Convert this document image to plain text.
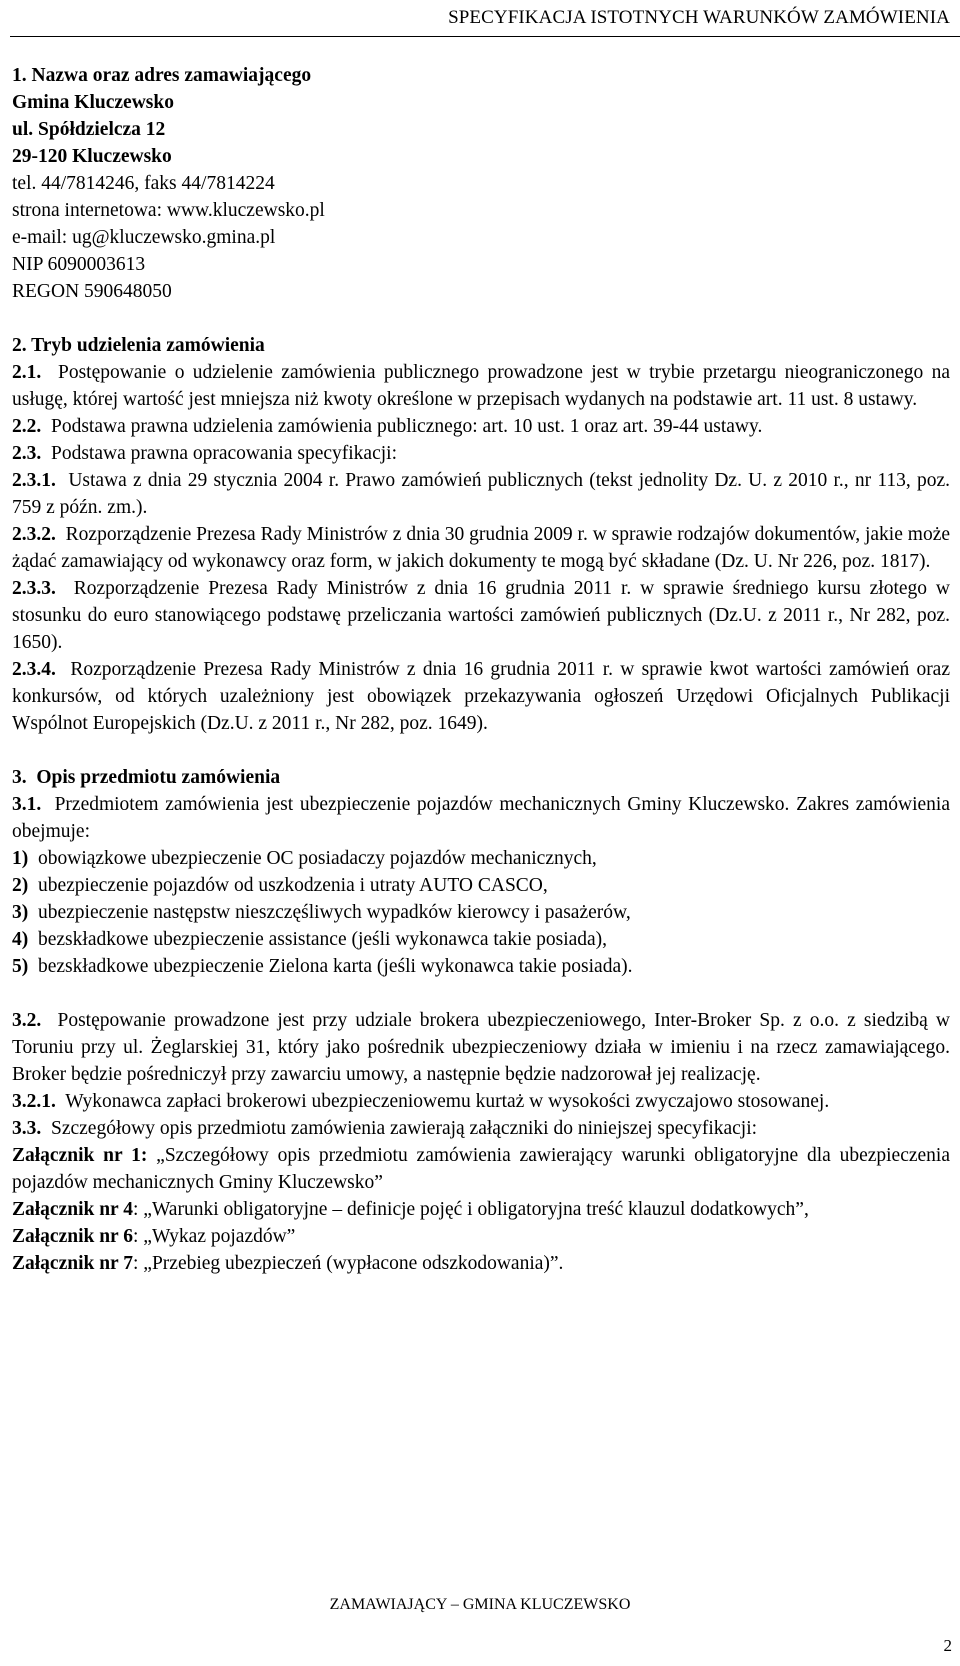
SPECYFIKACJA ISTOTNYCH WARUNKÓW ZAMÓWIENIA

1. Nazwa oraz adres zamawiającego

Gmina Kluczewsko

ul. Spółdzielcza 12

29-120 Kluczewsko

tel. 44/7814246, faks 44/7814224

strona internetowa: www.kluczewsko.pl

e-mail: ug@kluczewsko.gmina.pl

NIP 6090003613

REGON 590648050

2. Tryb udzielenia zamówienia

2.1. Postępowanie o udzielenie zamówienia publicznego prowadzone jest w trybie przetargu nieograniczonego na usługę, której wartość jest mniejsza niż kwoty określone w przepisach wydanych na podstawie art. 11 ust. 8 ustawy.

2.2. Podstawa prawna udzielenia zamówienia publicznego: art. 10 ust. 1 oraz art. 39-44 ustawy.

2.3. Podstawa prawna opracowania specyfikacji:

2.3.1. Ustawa z dnia 29 stycznia 2004 r. Prawo zamówień publicznych (tekst jednolity Dz. U. z 2010 r., nr 113, poz. 759 z późn. zm.).

2.3.2. Rozporządzenie Prezesa Rady Ministrów z dnia 30 grudnia 2009 r. w sprawie rodzajów dokumentów, jakie może żądać zamawiający od wykonawcy oraz form, w jakich dokumenty te mogą być składane (Dz. U. Nr 226, poz. 1817).

2.3.3. Rozporządzenie Prezesa Rady Ministrów z dnia 16 grudnia 2011 r. w sprawie średniego kursu złotego w stosunku do euro stanowiącego podstawę przeliczania wartości zamówień publicznych (Dz.U. z 2011 r., Nr 282, poz. 1650).

2.3.4. Rozporządzenie Prezesa Rady Ministrów z dnia 16 grudnia 2011 r. w sprawie kwot wartości zamówień oraz konkursów, od których uzależniony jest obowiązek przekazywania ogłoszeń Urzędowi Oficjalnych Publikacji Wspólnot Europejskich (Dz.U. z 2011 r., Nr 282, poz. 1649).

3. Opis przedmiotu zamówienia

3.1. Przedmiotem zamówienia jest ubezpieczenie pojazdów mechanicznych Gminy Kluczewsko. Zakres zamówienia obejmuje:

1) obowiązkowe ubezpieczenie OC posiadaczy pojazdów mechanicznych,

2) ubezpieczenie pojazdów od uszkodzenia i utraty AUTO CASCO,

3) ubezpieczenie następstw nieszczęśliwych wypadków kierowcy i pasażerów,

4) bezskładkowe ubezpieczenie assistance (jeśli wykonawca takie posiada),

5) bezskładkowe ubezpieczenie Zielona karta (jeśli wykonawca takie posiada).

3.2. Postępowanie prowadzone jest przy udziale brokera ubezpieczeniowego, Inter-Broker Sp. z o.o. z siedzibą w Toruniu przy ul. Żeglarskiej 31, który jako pośrednik ubezpieczeniowy działa w imieniu i na rzecz zamawiającego. Broker będzie pośredniczył przy zawarciu umowy, a następnie będzie nadzorował jej realizację.

3.2.1. Wykonawca zapłaci brokerowi ubezpieczeniowemu kurtaż w wysokości zwyczajowo stosowanej.

3.3. Szczegółowy opis przedmiotu zamówienia zawierają załączniki do niniejszej specyfikacji:

Załącznik nr 1: „Szczegółowy opis przedmiotu zamówienia zawierający warunki obligatoryjne dla ubezpieczenia pojazdów mechanicznych Gminy Kluczewsko”

Załącznik nr 4: „Warunki obligatoryjne – definicje pojęć i obligatoryjna treść klauzul dodatkowych”,

Załącznik nr 6: „Wykaz pojazdów”

Załącznik nr 7: „Przebieg ubezpieczeń (wypłacone odszkodowania)”.

ZAMAWIAJĄCY – GMINA KLUCZEWSKO
2
